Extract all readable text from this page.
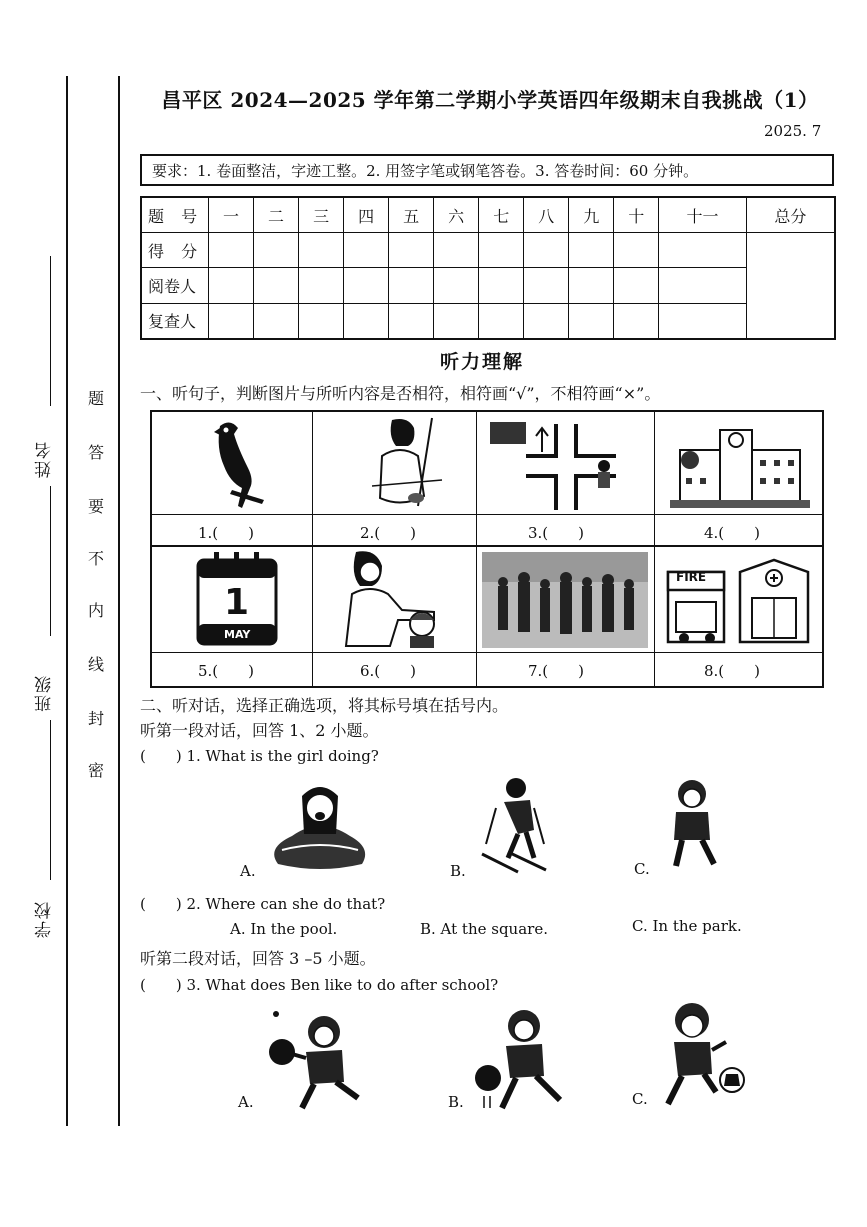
姓名
班级
学校
题
答
要
不
内
线
封
密
昌平区 2024—2025 学年第二学期小学英语四年级期末自我挑战（1）
2025. 7
要求：1. 卷面整洁，字迹工整。2. 用签字笔或钢笔答卷。3. 答卷时间：60 分钟。
题 号	一	二	三	四	五	六	七	八	九	十	十一	总分
得 分												
阅卷人												
复查人												
听力理解
一、听句子，判断图片与所听内容是否相符，相符画“√”，不相符画“×”。
1.(　　)	2.(　　)	3.(　　)	4.(　　)
1
MAY
FIRE
5.(　　)	6.(　　)	7.(　　)	8.(　　)
二、听对话，选择正确选项，将其标号填在括号内。
听第一段对话，回答 1、2 小题。
(　　) 1. What is the girl doing?
A.	B.	C.
(　　) 2. Where can she do that?
A. In the pool.	B. At the square.	C. In the park.
听第二段对话，回答 3 –5 小题。
(　　) 3. What does Ben like to do after school?
A.	B.	C.
